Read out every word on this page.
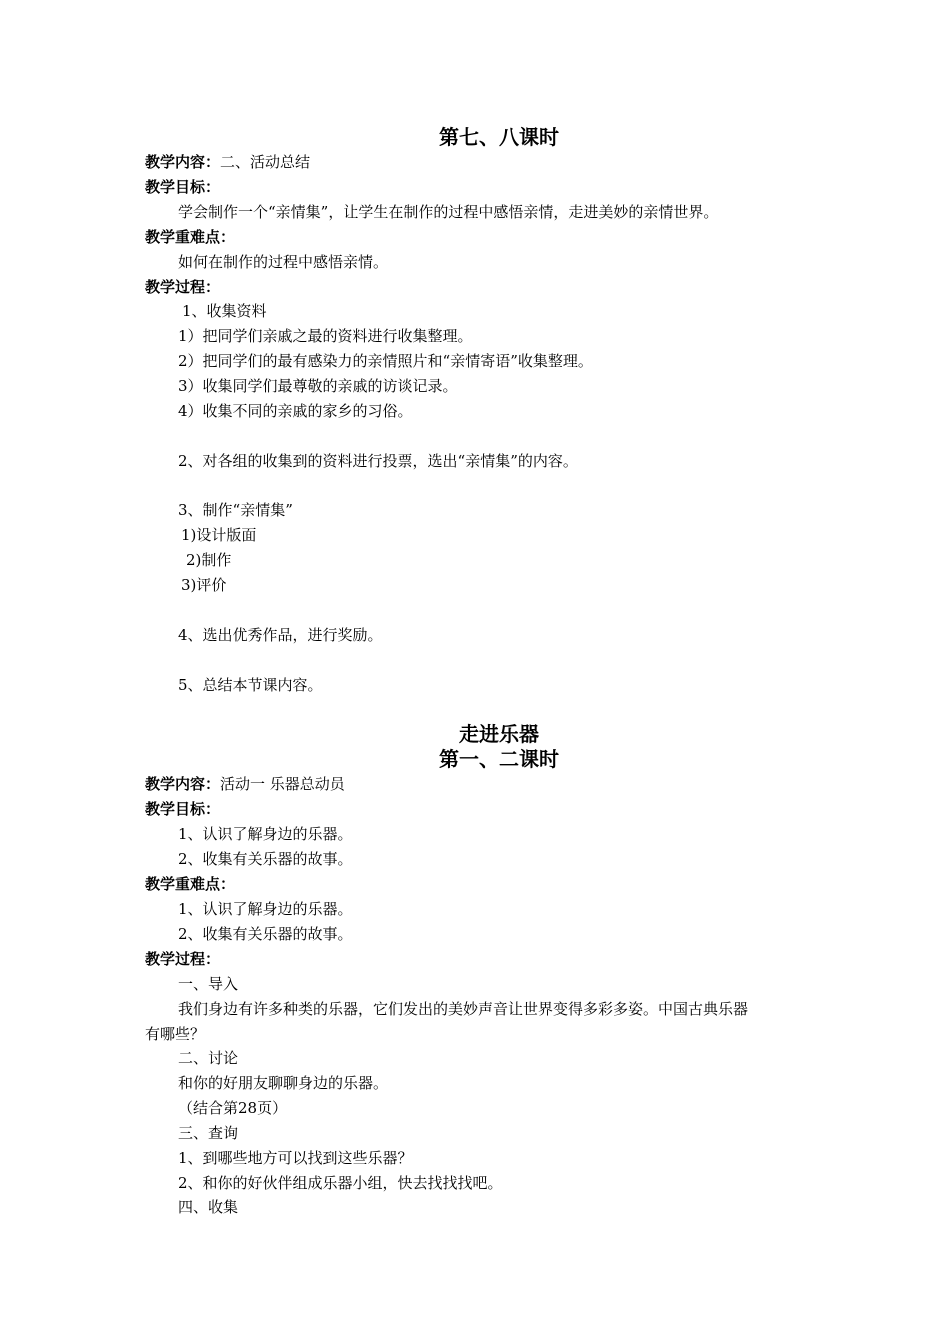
第七、八课时
教学内容：二、活动总结
教学目标：
学会制作一个“亲情集”，让学生在制作的过程中感悟亲情，走进美妙的亲情世界。
教学重难点：
如何在制作的过程中感悟亲情。
教学过程：
1、收集资料
1）把同学们亲戚之最的资料进行收集整理。
2）把同学们的最有感染力的亲情照片和“亲情寄语”收集整理。
3）收集同学们最尊敬的亲戚的访谈记录。
4）收集不同的亲戚的家乡的习俗。
2、对各组的收集到的资料进行投票，选出“亲情集”的内容。
3、制作“亲情集”
1)设计版面
2)制作
3)评价
4、选出优秀作品，进行奖励。
5、总结本节课内容。
走进乐器
第一、二课时
教学内容：活动一 乐器总动员
教学目标：
1、认识了解身边的乐器。
2、收集有关乐器的故事。
教学重难点：
1、认识了解身边的乐器。
2、收集有关乐器的故事。
教学过程：
一、导入
我们身边有许多种类的乐器，它们发出的美妙声音让世界变得多彩多姿。中国古典乐器
有哪些？
二、讨论
和你的好朋友聊聊身边的乐器。
（结合第28页）
三、查询
1、到哪些地方可以找到这些乐器？
2、和你的好伙伴组成乐器小组，快去找找找吧。
四、收集
